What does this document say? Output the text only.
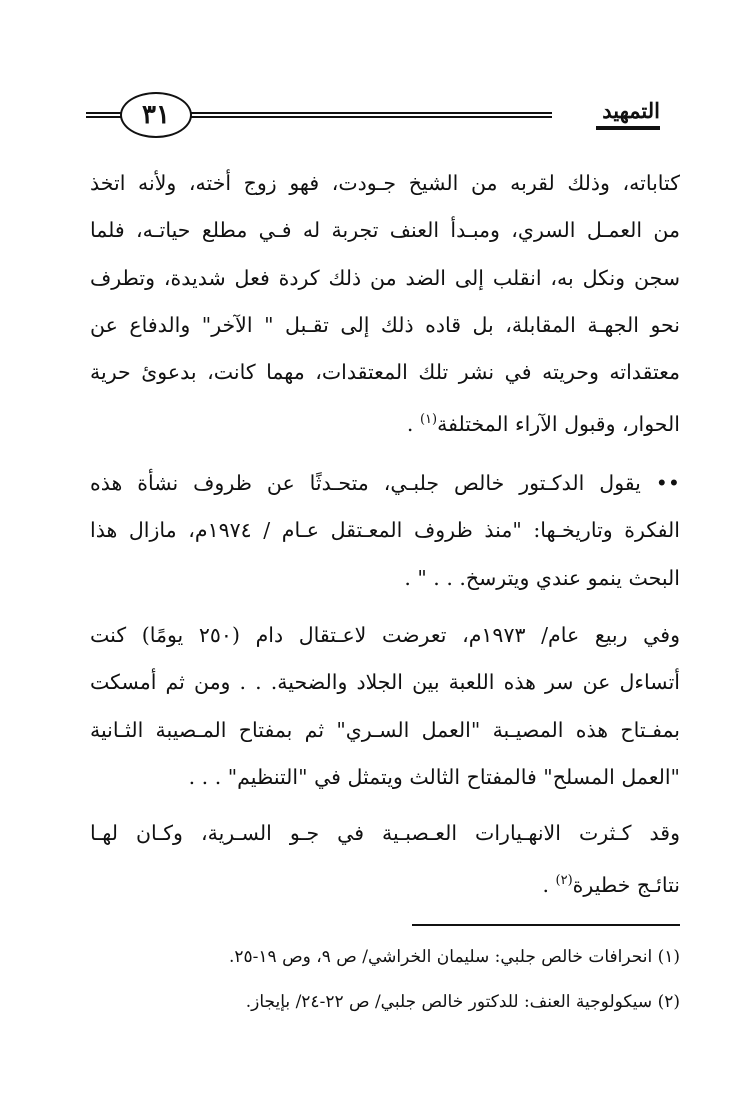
التمهيد
٣١
كتاباته، وذلك لقربه من الشيخ جـودت، فهو زوج أخته، ولأنه اتخذ
من العمـل السري، ومبـدأ العنف تجربة له فـي مطلع حياتـه، فلما
سجن ونكل به، انقلب إلى الضد من ذلك كردة فعل شديدة، وتطرف
نحو الجهـة المقابلة، بل قاده ذلك إلى تقـبل " الآخر" والدفاع عن
معتقداته وحريته في نشر تلك المعتقدات، مهما كانت، بدعوئ حرية
الحوار، وقبول الآراء المختلفة$^{(١)}$ .
•• يقول الدكـتور خالص جلبـي، متحـدثًا عن ظروف نشأة هذه
الفكرة وتاريخـها: "منذ ظروف المعـتقل عـام / ١٩٧٤م، مازال هذا
البحث ينمو عندي ويترسخ. . . " .
وفي ربيع عام/ ١٩٧٣م، تعرضت لاعـتقال دام (٢٥٠ يومًا) كنت
أتساءل عن سر هذه اللعبة بين الجلاد والضحية. . . ومن ثم أمسكت
بمفـتاح هذه المصيـبة "العمل السـري" ثم بمفتاح المـصيبة الثـانية
"العمل المسلح" فالمفتاح الثالث ويتمثل في "التنظيم" . . .
وقد كـثرت الانهـيارات العـصبـية في جـو السـرية، وكـان لهـا
نتائـج خطيرة$^{(٢)}$ .
(١) انحرافات خالص جلبي: سليمان الخراشي/ ص ٩، وص ١٩-٢٥.
(٢) سيكولوجية العنف: للدكتور خالص جلبي/ ص ٢٢-٢٤/ بإيجاز.
